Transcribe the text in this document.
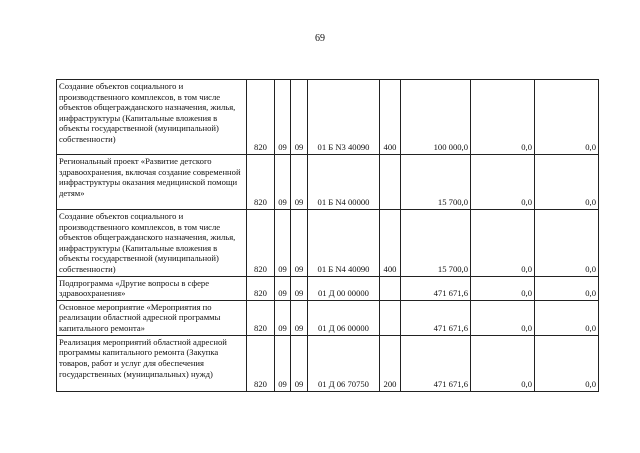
69
Создание объектов социального и производственного комплексов, в том числе объектов общегражданского назначения, жилья, инфраструктуры (Капитальные вложения в объекты государственной (муниципальной) собственности)	820	09	09	01 Б N3 40090	400	100 000,0	0,0	0,0
Региональный проект «Развитие детского здравоохранения, включая создание современной инфраструктуры оказания медицинской помощи детям»	820	09	09	01 Б N4 00000		15 700,0	0,0	0,0
Создание объектов социального и производственного комплексов, в том числе объектов общегражданского назначения, жилья, инфраструктуры (Капитальные вложения в объекты государственной (муниципальной) собственности)	820	09	09	01 Б N4 40090	400	15 700,0	0,0	0,0
Подпрограмма «Другие вопросы в сфере здравоохранения»	820	09	09	01 Д 00 00000		471 671,6	0,0	0,0
Основное мероприятие «Мероприятия по реализации областной адресной программы капитального ремонта»	820	09	09	01 Д 06 00000		471 671,6	0,0	0,0
Реализация мероприятий областной адресной программы капитального ремонта (Закупка товаров, работ и услуг для обеспечения государственных (муниципальных) нужд)	820	09	09	01 Д 06 70750	200	471 671,6	0,0	0,0
